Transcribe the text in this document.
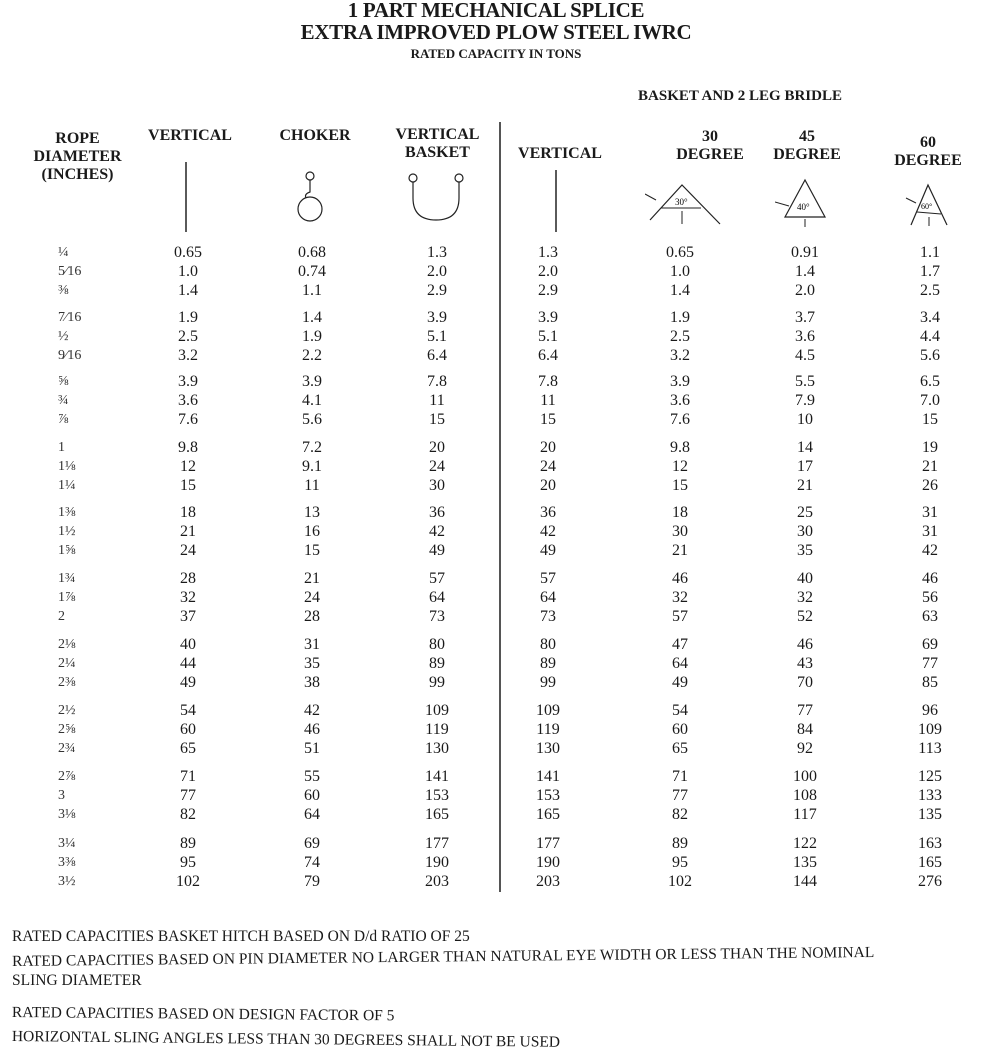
1 PART MECHANICAL SPLICE
EXTRA IMPROVED PLOW STEEL IWRC
RATED CAPACITY IN TONS
BASKET AND 2 LEG BRIDLE
ROPE
DIAMETER
(INCHES)
VERTICAL	CHOKER	VERTICAL
BASKET	VERTICAL
30
DEGREE
45
DEGREE
60
DEGREE
30°	40°	60°
¼	0.65	0.68	1.3	1.3	0.65	0.91	1.1
5⁄16	1.0	0.74	2.0	2.0	1.0	1.4	1.7
⅜	1.4	1.1	2.9	2.9	1.4	2.0	2.5
7⁄16	1.9	1.4	3.9	3.9	1.9	3.7	3.4
½	2.5	1.9	5.1	5.1	2.5	3.6	4.4
9⁄16	3.2	2.2	6.4	6.4	3.2	4.5	5.6
⅝	3.9	3.9	7.8	7.8	3.9	5.5	6.5
¾	3.6	4.1	11	11	3.6	7.9	7.0
⅞	7.6	5.6	15	15	7.6	10	15
1	9.8	7.2	20	20	9.8	14	19
1⅛	12	9.1	24	24	12	17	21
1¼	15	11	30	20	15	21	26
1⅜	18	13	36	36	18	25	31
1½	21	16	42	42	30	30	31
1⅝	24	15	49	49	21	35	42
1¾	28	21	57	57	46	40	46
1⅞	32	24	64	64	32	32	56
2	37	28	73	73	57	52	63
2⅛	40	31	80	80	47	46	69
2¼	44	35	89	89	64	43	77
2⅜	49	38	99	99	49	70	85
2½	54	42	109	109	54	77	96
2⅝	60	46	119	119	60	84	109
2¾	65	51	130	130	65	92	113
2⅞	71	55	141	141	71	100	125
3	77	60	153	153	77	108	133
3⅛	82	64	165	165	82	117	135
3¼	89	69	177	177	89	122	163
3⅜	95	74	190	190	95	135	165
3½	102	79	203	203	102	144	276
RATED CAPACITIES BASKET HITCH BASED ON D/d RATIO OF 25
RATED CAPACITIES BASED ON PIN DIAMETER NO LARGER THAN NATURAL EYE WIDTH OR LESS THAN THE NOMINAL
SLING DIAMETER
RATED CAPACITIES BASED ON DESIGN FACTOR OF 5
HORIZONTAL SLING ANGLES LESS THAN 30 DEGREES SHALL NOT BE USED
